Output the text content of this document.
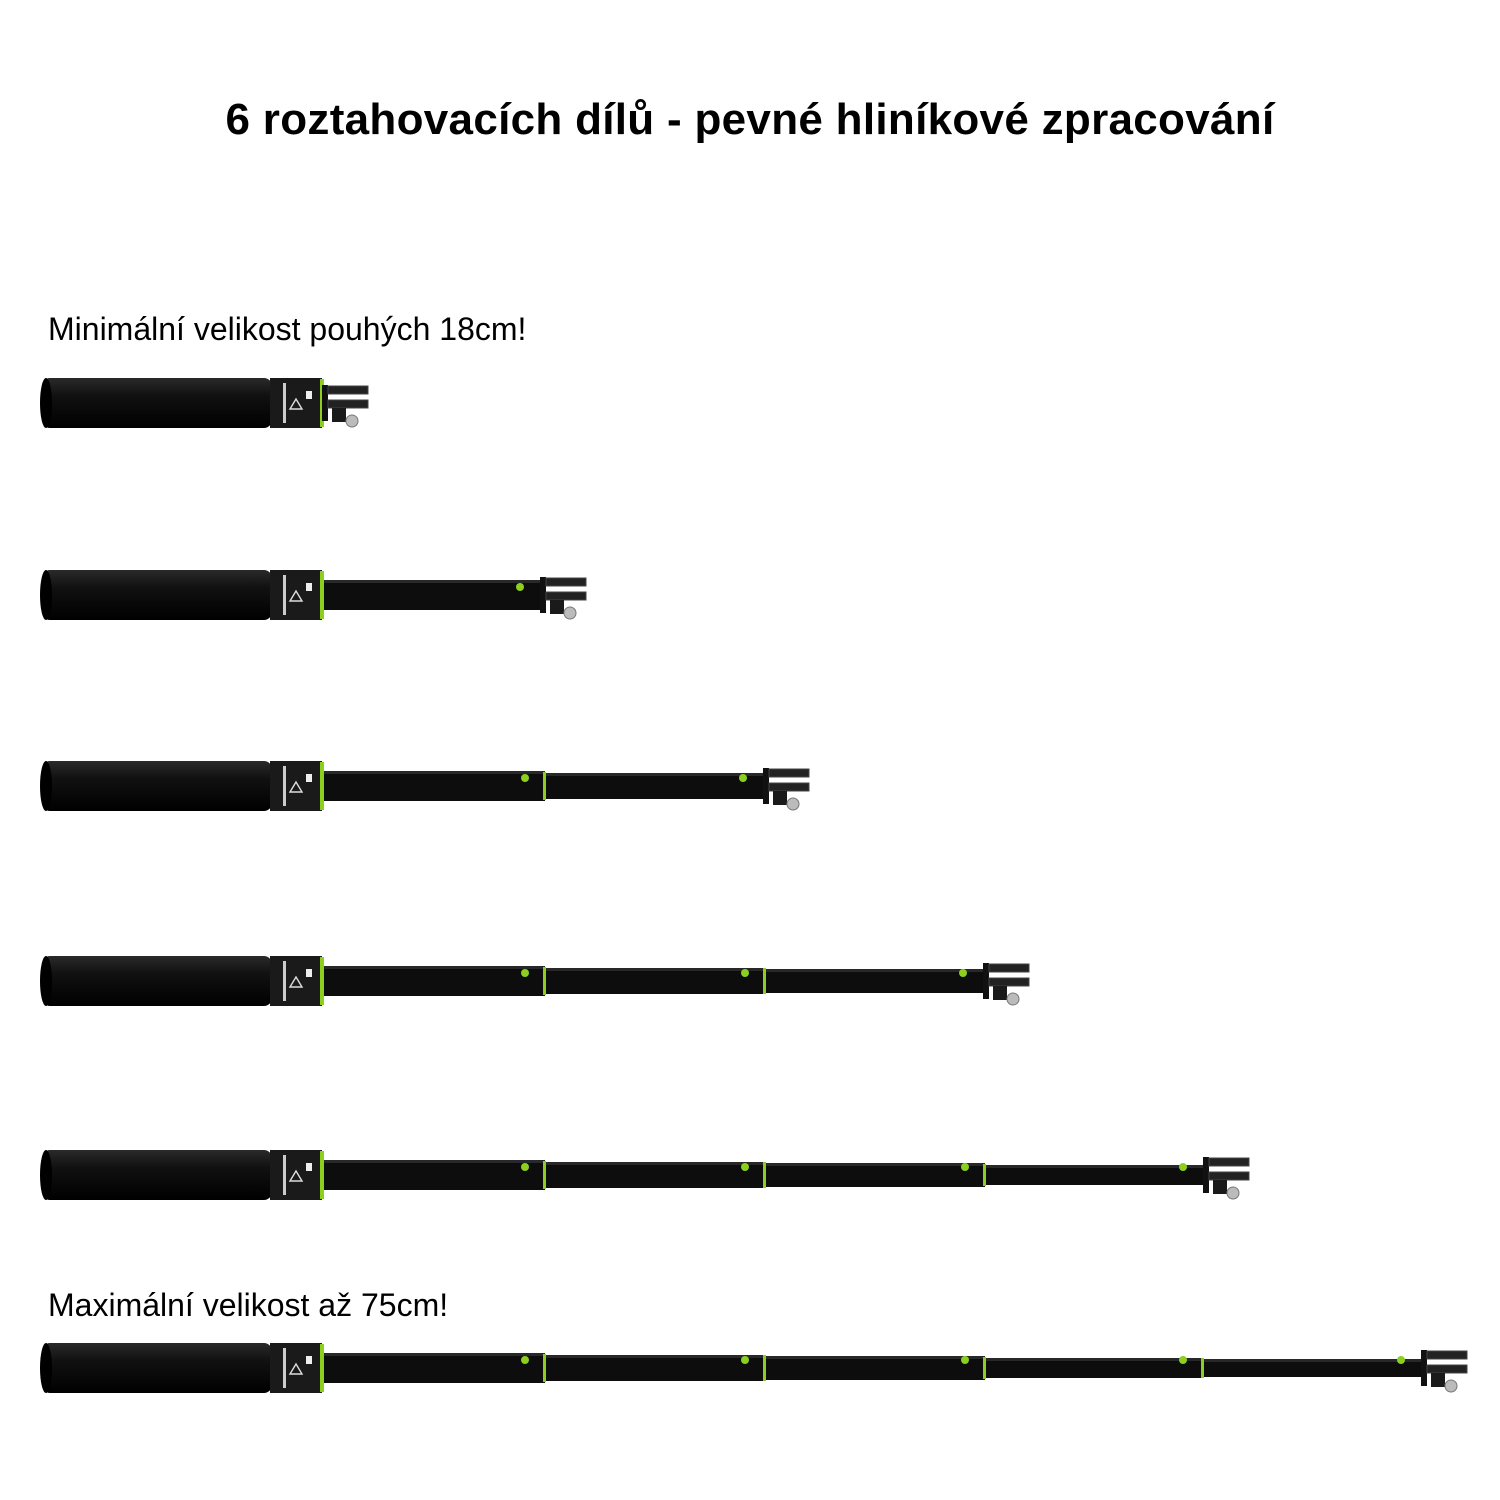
6 roztahovacích dílů - pevné hliníkové zpracování

Minimální velikost pouhých 18cm!

Maximální velikost až 75cm!
